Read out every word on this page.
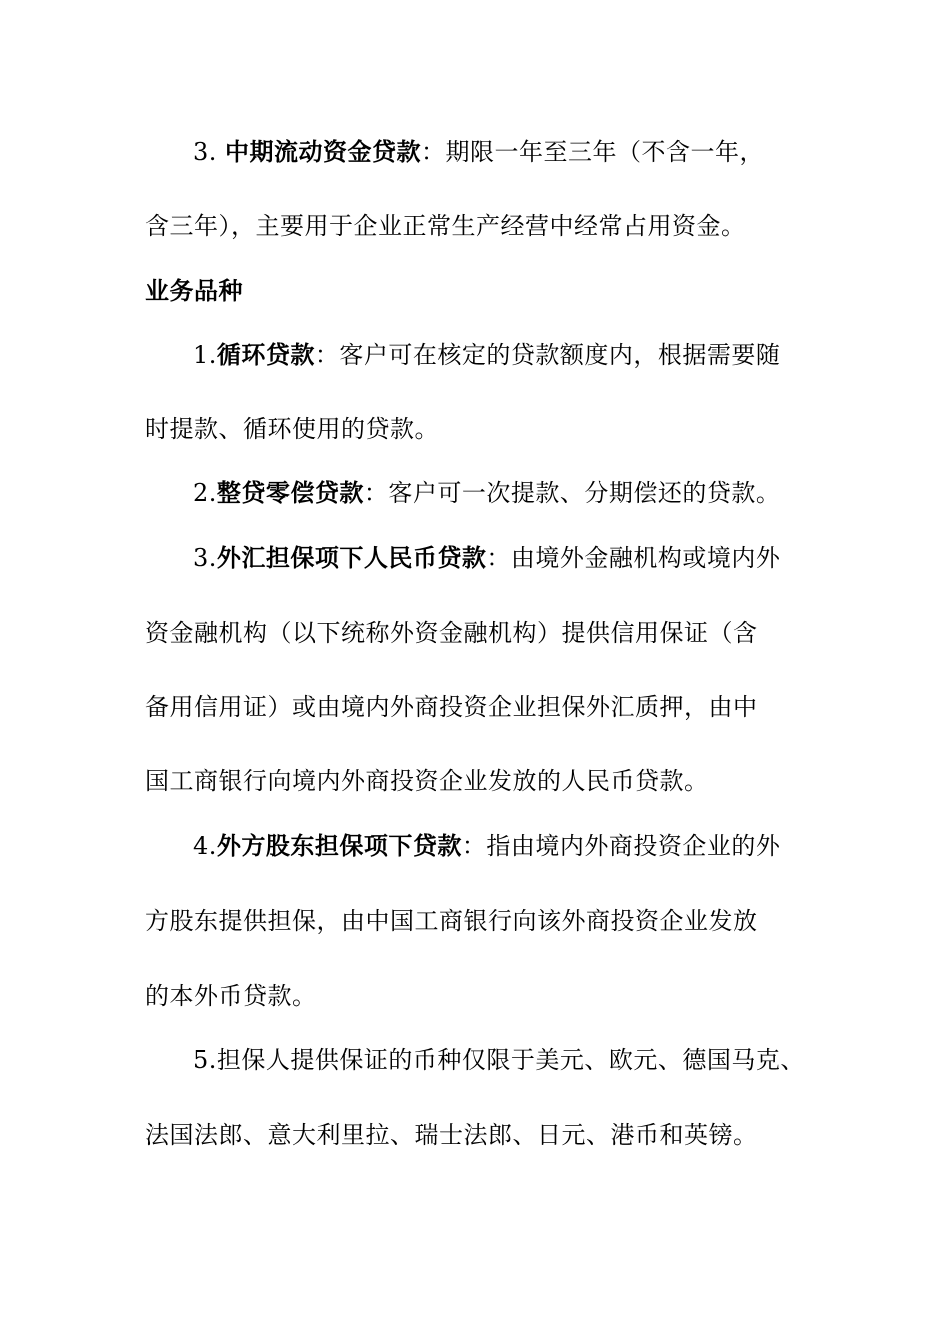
3. 中期流动资金贷款：期限一年至三年（不含一年，
含三年），主要用于企业正常生产经营中经常占用资金。
业务品种
1.循环贷款：客户可在核定的贷款额度内，根据需要随
时提款、循环使用的贷款。
2.整贷零偿贷款：客户可一次提款、分期偿还的贷款。
3.外汇担保项下人民币贷款：由境外金融机构或境内外
资金融机构（以下统称外资金融机构）提供信用保证（含
备用信用证）或由境内外商投资企业担保外汇质押，由中
国工商银行向境内外商投资企业发放的人民币贷款。
4.外方股东担保项下贷款：指由境内外商投资企业的外
方股东提供担保，由中国工商银行向该外商投资企业发放
的本外币贷款。
5.担保人提供保证的币种仅限于美元、欧元、德国马克、
法国法郎、意大利里拉、瑞士法郎、日元、港币和英镑。
